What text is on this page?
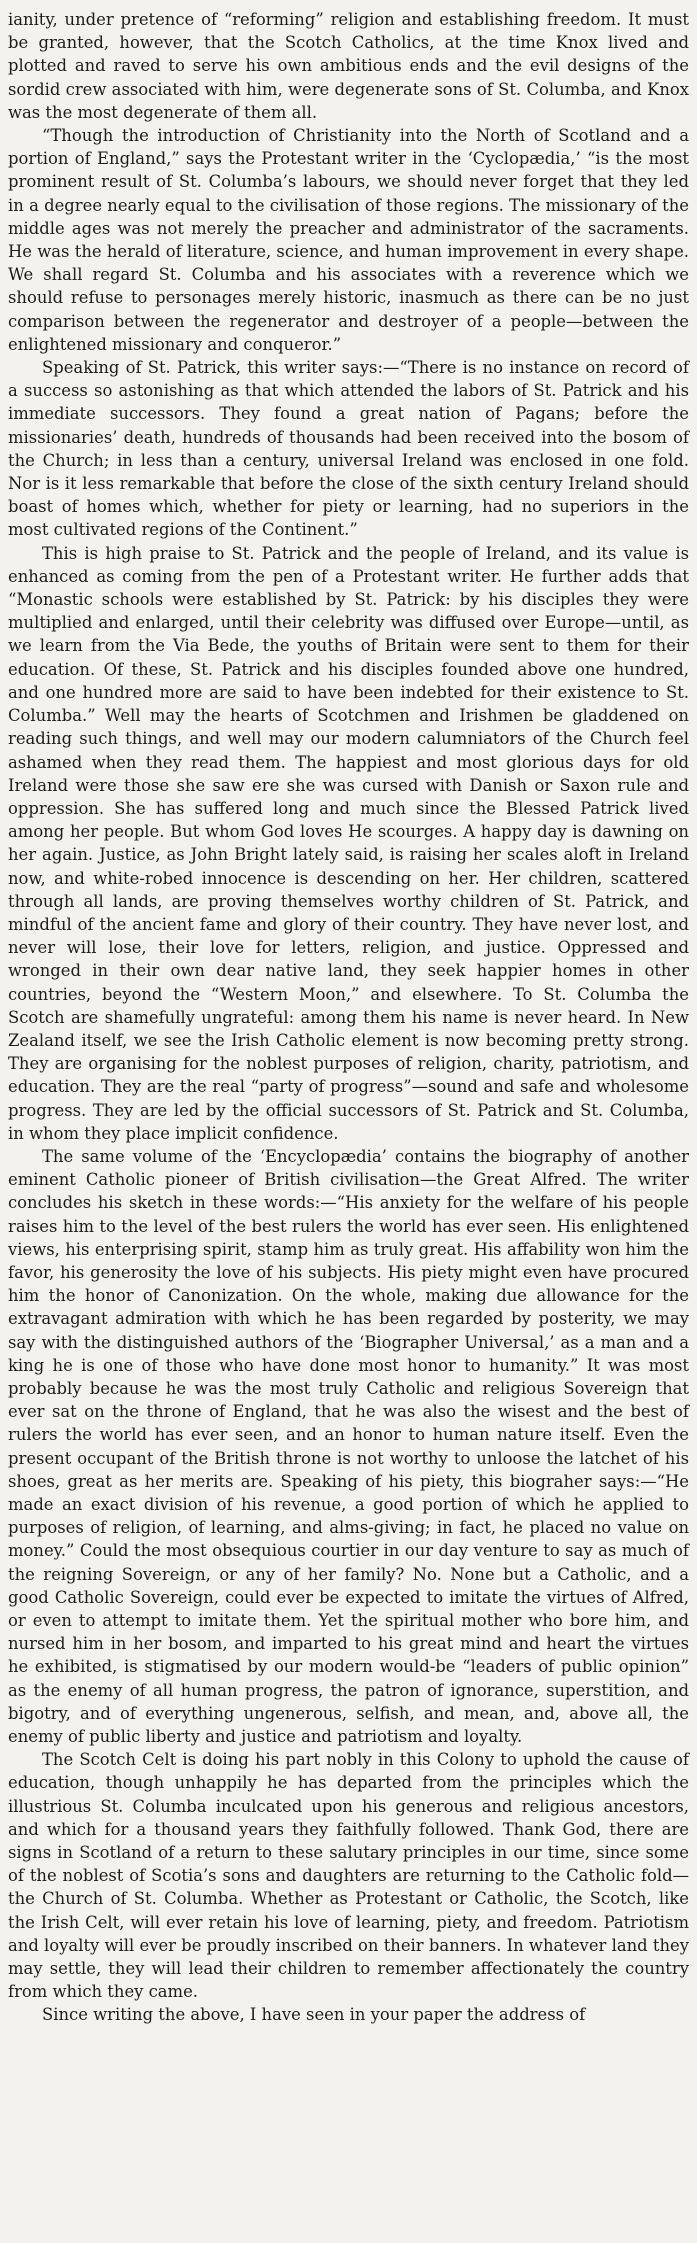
ianity, under pretence of “reforming” religion and establishing freedom. It must be granted, however, that the Scotch Catholics, at the time Knox lived and plotted and raved to serve his own ambitious ends and the evil designs of the sordid crew associated with him, were degenerate sons of St. Columba, and Knox was the most degenerate of them all.

“Though the introduction of Christianity into the North of Scotland and a portion of England,” says the Protestant writer in the ‘Cyclopædia,’ “is the most prominent result of St. Columba’s labours, we should never forget that they led in a degree nearly equal to the civilisation of those regions. The missionary of the middle ages was not merely the preacher and administrator of the sacraments. He was the herald of literature, science, and human improvement in every shape. We shall regard St. Columba and his associates with a reverence which we should refuse to personages merely historic, inasmuch as there can be no just comparison between the regenerator and destroyer of a people—between the enlightened missionary and conqueror.”

Speaking of St. Patrick, this writer says:—“There is no instance on record of a success so astonishing as that which attended the labors of St. Patrick and his immediate successors. They found a great nation of Pagans; before the missionaries’ death, hundreds of thousands had been received into the bosom of the Church; in less than a century, universal Ireland was enclosed in one fold. Nor is it less remarkable that before the close of the sixth century Ireland should boast of homes which, whether for piety or learning, had no superiors in the most cultivated regions of the Continent.”

This is high praise to St. Patrick and the people of Ireland, and its value is enhanced as coming from the pen of a Protestant writer. He further adds that “Monastic schools were established by St. Patrick: by his disciples they were multiplied and enlarged, until their celebrity was diffused over Europe—until, as we learn from the Via Bede, the youths of Britain were sent to them for their education. Of these, St. Patrick and his disciples founded above one hundred, and one hundred more are said to have been indebted for their existence to St. Columba.” Well may the hearts of Scotchmen and Irishmen be gladdened on reading such things, and well may our modern calumniators of the Church feel ashamed when they read them. The happiest and most glorious days for old Ireland were those she saw ere she was cursed with Danish or Saxon rule and oppression. She has suffered long and much since the Blessed Patrick lived among her people. But whom God loves He scourges. A happy day is dawning on her again. Justice, as John Bright lately said, is raising her scales aloft in Ireland now, and white-robed innocence is descending on her. Her children, scattered through all lands, are proving themselves worthy children of St. Patrick, and mindful of the ancient fame and glory of their country. They have never lost, and never will lose, their love for letters, religion, and justice. Oppressed and wronged in their own dear native land, they seek happier homes in other countries, beyond the “Western Moon,” and elsewhere. To St. Columba the Scotch are shamefully ungrateful: among them his name is never heard. In New Zealand itself, we see the Irish Catholic element is now becoming pretty strong. They are organising for the noblest purposes of religion, charity, patriotism, and education. They are the real “party of progress”—sound and safe and wholesome progress. They are led by the official successors of St. Patrick and St. Columba, in whom they place implicit confidence.

The same volume of the ‘Encyclopædia’ contains the biography of another eminent Catholic pioneer of British civilisation—the Great Alfred. The writer concludes his sketch in these words:—“His anxiety for the welfare of his people raises him to the level of the best rulers the world has ever seen. His enlightened views, his enterprising spirit, stamp him as truly great. His affability won him the favor, his generosity the love of his subjects. His piety might even have procured him the honor of Canonization. On the whole, making due allowance for the extravagant admiration with which he has been regarded by posterity, we may say with the distinguished authors of the ‘Biographer Universal,’ as a man and a king he is one of those who have done most honor to humanity.” It was most probably because he was the most truly Catholic and religious Sovereign that ever sat on the throne of England, that he was also the wisest and the best of rulers the world has ever seen, and an honor to human nature itself. Even the present occupant of the British throne is not worthy to unloose the latchet of his shoes, great as her merits are. Speaking of his piety, this biograher says:—“He made an exact division of his revenue, a good portion of which he applied to purposes of religion, of learning, and alms-giving; in fact, he placed no value on money.” Could the most obsequious courtier in our day venture to say as much of the reigning Sovereign, or any of her family? No. None but a Catholic, and a good Catholic Sovereign, could ever be expected to imitate the virtues of Alfred, or even to attempt to imitate them. Yet the spiritual mother who bore him, and nursed him in her bosom, and imparted to his great mind and heart the virtues he exhibited, is stigmatised by our modern would-be “leaders of public opinion” as the enemy of all human progress, the patron of ignorance, superstition, and bigotry, and of everything ungenerous, selfish, and mean, and, above all, the enemy of public liberty and justice and patriotism and loyalty.

The Scotch Celt is doing his part nobly in this Colony to uphold the cause of education, though unhappily he has departed from the principles which the illustrious St. Columba inculcated upon his generous and religious ancestors, and which for a thousand years they faithfully followed. Thank God, there are signs in Scotland of a return to these salutary principles in our time, since some of the noblest of Scotia’s sons and daughters are returning to the Catholic fold—the Church of St. Columba. Whether as Protestant or Catholic, the Scotch, like the Irish Celt, will ever retain his love of learning, piety, and freedom. Patriotism and loyalty will ever be proudly inscribed on their banners. In whatever land they may settle, they will lead their children to remember affectionately the country from which they came.

Since writing the above, I have seen in your paper the address of
